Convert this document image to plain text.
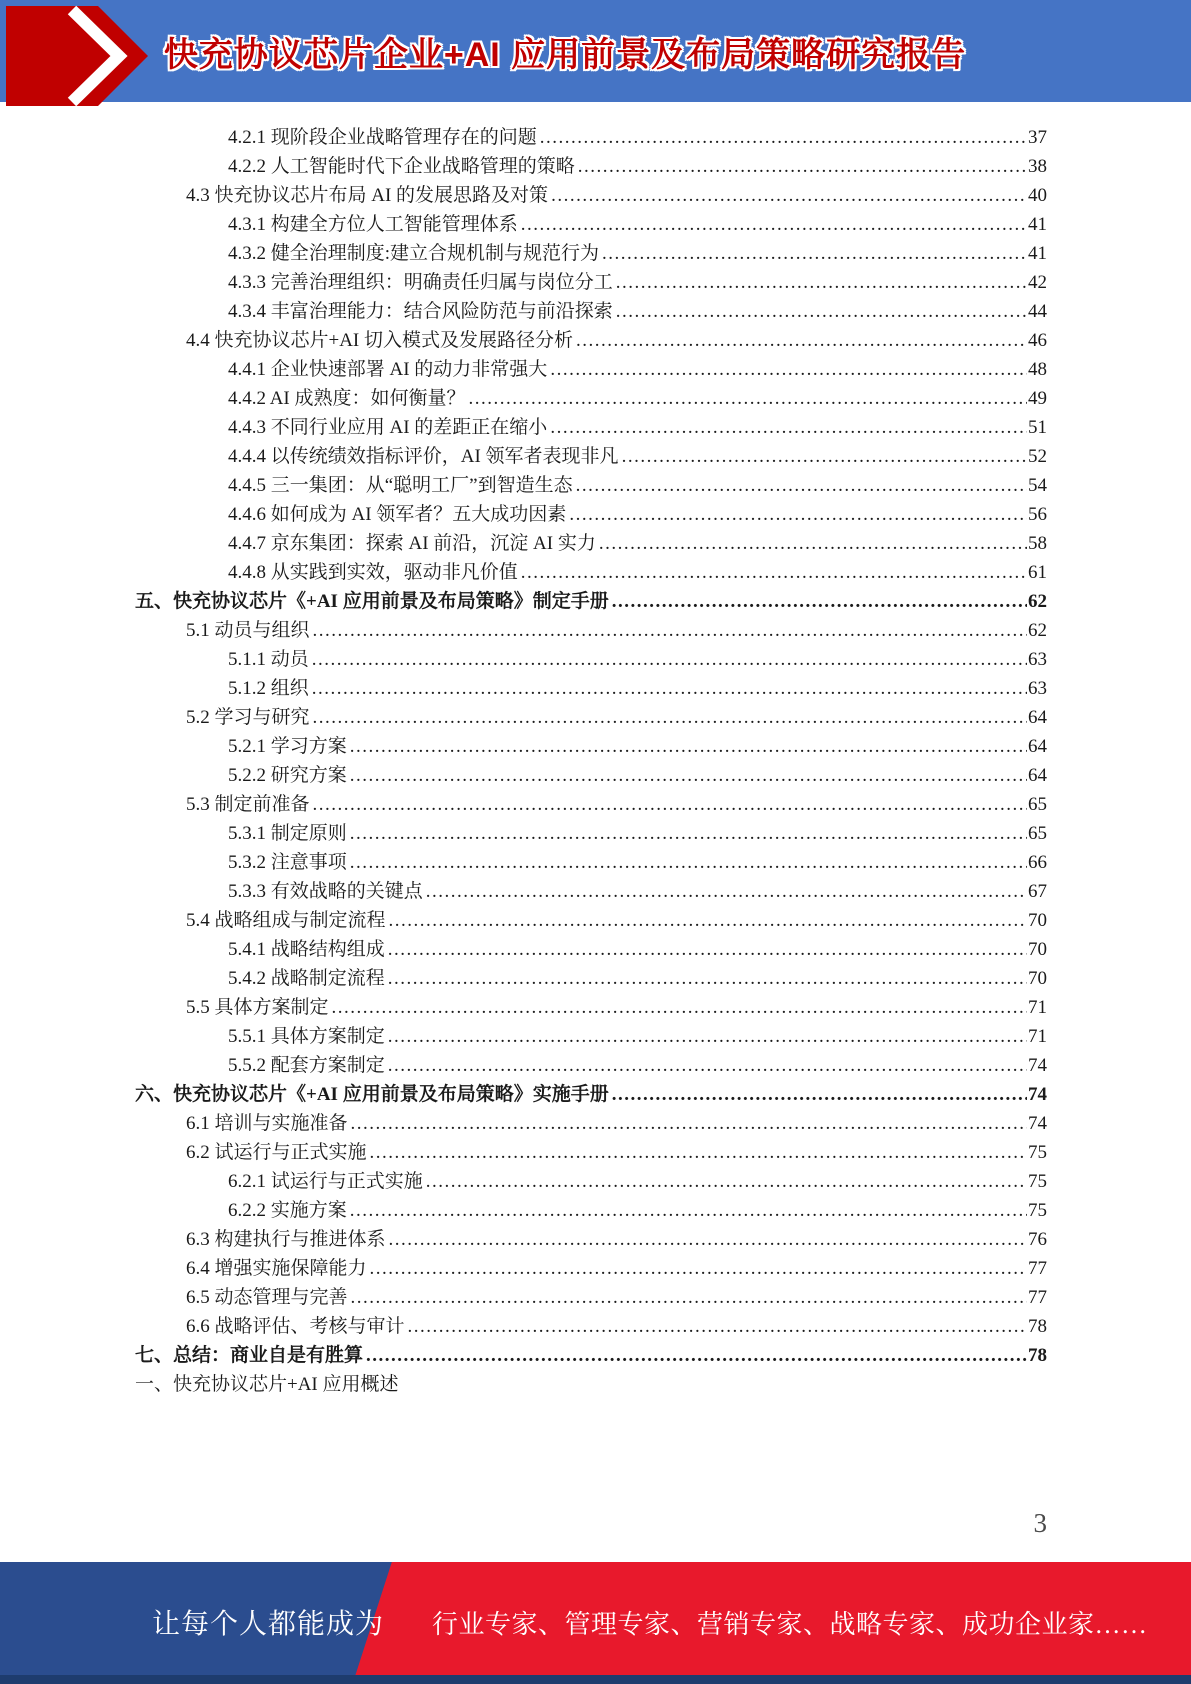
快充协议芯片企业+AI 应用前景及布局策略研究报告
4.2.1 现阶段企业战略管理存在的问题 .....	37
4.2.2 人工智能时代下企业战略管理的策略 .....	38
4.3 快充协议芯片布局 AI 的发展思路及对策 .....	40
4.3.1 构建全方位人工智能管理体系 .....	41
4.3.2 健全治理制度:建立合规机制与规范行为 .....	41
4.3.3 完善治理组织：明确责任归属与岗位分工 .....	42
4.3.4 丰富治理能力：结合风险防范与前沿探索 .....	44
4.4 快充协议芯片+AI 切入模式及发展路径分析 .....	46
4.4.1 企业快速部署 AI 的动力非常强大 .....	48
4.4.2 AI 成熟度：如何衡量？ .....	49
4.4.3 不同行业应用 AI 的差距正在缩小 .....	51
4.4.4 以传统绩效指标评价，AI 领军者表现非凡 .....	52
4.4.5 三一集团：从“聪明工厂”到智造生态 .....	54
4.4.6 如何成为 AI 领军者？五大成功因素 .....	56
4.4.7 京东集团：探索 AI 前沿，沉淀 AI 实力 .....	58
4.4.8 从实践到实效，驱动非凡价值 .....	61
五、快充协议芯片《+AI 应用前景及布局策略》制定手册 .....	62
5.1 动员与组织 .....	62
5.1.1 动员 .....	63
5.1.2 组织 .....	63
5.2 学习与研究 .....	64
5.2.1 学习方案 .....	64
5.2.2 研究方案 .....	64
5.3 制定前准备 .....	65
5.3.1 制定原则 .....	65
5.3.2 注意事项 .....	66
5.3.3 有效战略的关键点 .....	67
5.4 战略组成与制定流程 .....	70
5.4.1 战略结构组成 .....	70
5.4.2 战略制定流程 .....	70
5.5 具体方案制定 .....	71
5.5.1 具体方案制定 .....	71
5.5.2 配套方案制定 .....	74
六、快充协议芯片《+AI 应用前景及布局策略》实施手册 .....	74
6.1 培训与实施准备 .....	74
6.2 试运行与正式实施 .....	75
6.2.1 试运行与正式实施 .....	75
6.2.2 实施方案 .....	75
6.3 构建执行与推进体系 .....	76
6.4 增强实施保障能力 .....	77
6.5 动态管理与完善 .....	77
6.6 战略评估、考核与审计 .....	78
七、总结：商业自是有胜算 .....	78
一、快充协议芯片+AI 应用概述
3
让每个人都能成为 行业专家、管理专家、营销专家、战略专家、成功企业家……
